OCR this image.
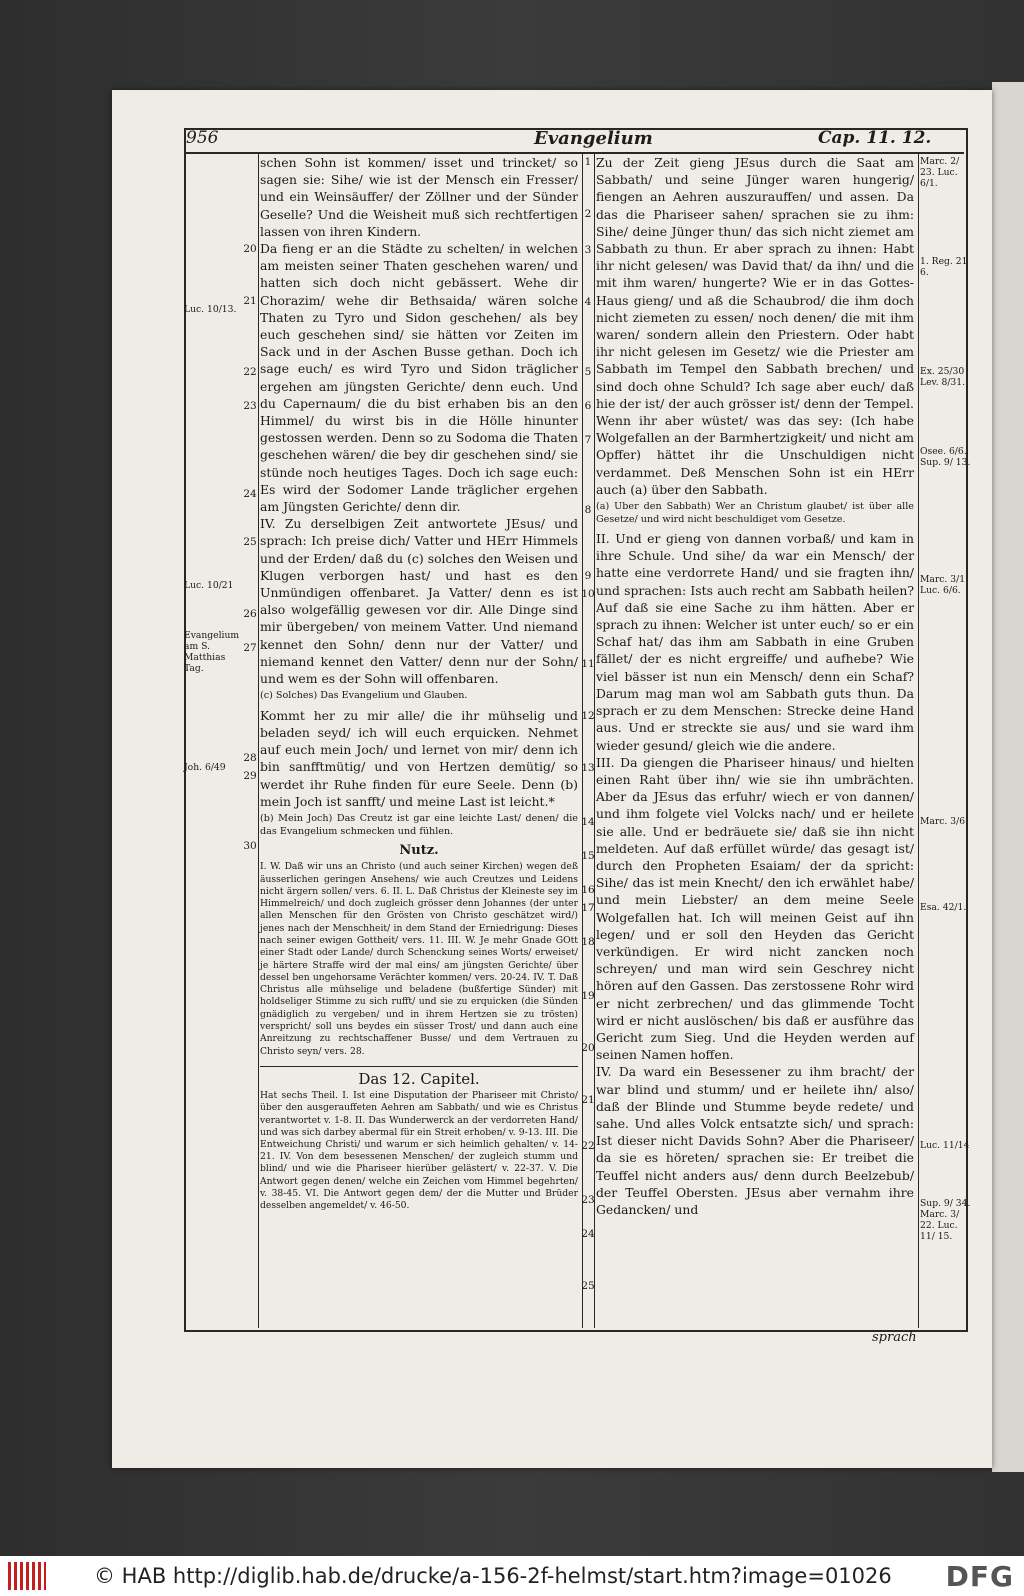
956	Evangelium	Cap. 11. 12.

schen Sohn ist kommen/ isset und trincket/ so sagen sie: Sihe/ wie ist der Mensch ein Fresser/ und ein Weinsäuffer/ der Zöllner und der Sünder Geselle? Und die Weisheit muß sich rechtfertigen lassen von ihren Kindern.

Da fieng er an die Städte zu schelten/ in welchen am meisten seiner Thaten geschehen waren/ und hatten sich doch nicht gebässert. Wehe dir Chorazim/ wehe dir Bethsaida/ wären solche Thaten zu Tyro und Sidon geschehen/ als bey euch geschehen sind/ sie hätten vor Zeiten im Sack und in der Aschen Busse gethan. Doch ich sage euch/ es wird Tyro und Sidon träglicher ergehen am jüngsten Gerichte/ denn euch. Und du Capernaum/ die du bist erhaben bis an den Himmel/ du wirst bis in die Hölle hinunter gestossen werden. Denn so zu Sodoma die Thaten geschehen wären/ die bey dir geschehen sind/ sie stünde noch heutiges Tages. Doch ich sage euch: Es wird der Sodomer Lande träglicher ergehen am Jüngsten Gerichte/ denn dir.

IV. Zu derselbigen Zeit antwortete JEsus/ und sprach: Ich preise dich/ Vatter und HErr Himmels und der Erden/ daß du (c) solches den Weisen und Klugen verborgen hast/ und hast es den Unmündigen offenbaret. Ja Vatter/ denn es ist also wolgefällig gewesen vor dir. Alle Dinge sind mir übergeben/ von meinem Vatter. Und niemand kennet den Sohn/ denn nur der Vatter/ und niemand kennet den Vatter/ denn nur der Sohn/ und wem es der Sohn will offenbaren.

(c) Solches) Das Evangelium und Glauben.

Kommt her zu mir alle/ die ihr mühselig und beladen seyd/ ich will euch erquicken. Nehmet auf euch mein Joch/ und lernet von mir/ denn ich bin sanfftmütig/ und von Hertzen demütig/ so werdet ihr Ruhe finden für eure Seele. Denn (b) mein Joch ist sanfft/ und meine Last ist leicht.*

(b) Mein Joch) Das Creutz ist gar eine leichte Last/ denen/ die das Evangelium schmecken und fühlen.

Nutz.

I. W. Daß wir uns an Christo (und auch seiner Kirchen) wegen deß äusserlichen geringen Ansehens/ wie auch Creutzes und Leidens nicht ärgern sollen/ vers. 6. II. L. Daß Christus der Kleineste sey im Himmelreich/ und doch zugleich grösser denn Johannes (der unter allen Menschen für den Grösten von Christo geschätzet wird/) jenes nach der Menschheit/ in dem Stand der Erniedrigung: Dieses nach seiner ewigen Gottheit/ vers. 11. III. W. Je mehr Gnade GOtt einer Stadt oder Lande/ durch Schenckung seines Worts/ erweiset/ je härtere Straffe wird der mal eins/ am jüngsten Gerichte/ über dessel ben ungehorsame Verächter kommen/ vers. 20-24. IV. T. Daß Christus alle mühselige und beladene (bußfertige Sünder) mit holdseliger Stimme zu sich rufft/ und sie zu erquicken (die Sünden gnädiglich zu vergeben/ und in ihrem Hertzen sie zu trösten) verspricht/ soll uns beydes ein süsser Trost/ und dann auch eine Anreitzung zu rechtschaffener Busse/ und dem Vertrauen zu Christo seyn/ vers. 28.

Das 12. Capitel.
Hat sechs Theil. I. Ist eine Disputation der Phariseer mit Christo/ über den ausgerauffeten Aehren am Sabbath/ und wie es Christus verantwortet v. 1-8. II. Das Wunderwerck an der verdorreten Hand/ und was sich darbey abermal für ein Streit erhoben/ v. 9-13. III. Die Entweichung Christi/ und warum er sich heimlich gehalten/ v. 14-21. IV. Von dem besessenen Menschen/ der zugleich stumm und blind/ und wie die Phariseer hierüber gelästert/ v. 22-37. V. Die Antwort gegen denen/ welche ein Zeichen vom Himmel begehrten/ v. 38-45. VI. Die Antwort gegen dem/ der die Mutter und Brüder desselben angemeldet/ v. 46-50.

Zu der Zeit gieng JEsus durch die Saat am Sabbath/ und seine Jünger waren hungerig/ fiengen an Aehren auszurauffen/ und assen. Da das die Phariseer sahen/ sprachen sie zu ihm: Sihe/ deine Jünger thun/ das sich nicht ziemet am Sabbath zu thun. Er aber sprach zu ihnen: Habt ihr nicht gelesen/ was David that/ da ihn/ und die mit ihm waren/ hungerte? Wie er in das Gottes-Haus gieng/ und aß die Schaubrod/ die ihm doch nicht ziemeten zu essen/ noch denen/ die mit ihm waren/ sondern allein den Priestern. Oder habt ihr nicht gelesen im Gesetz/ wie die Priester am Sabbath im Tempel den Sabbath brechen/ und sind doch ohne Schuld? Ich sage aber euch/ daß hie der ist/ der auch grösser ist/ denn der Tempel. Wenn ihr aber wüstet/ was das sey: (Ich habe Wolgefallen an der Barmhertzigkeit/ und nicht am Opffer) hättet ihr die Unschuldigen nicht verdammet. Deß Menschen Sohn ist ein HErr auch (a) über den Sabbath.

(a) Uber den Sabbath) Wer an Christum glaubet/ ist über alle Gesetze/ und wird nicht beschuldiget vom Gesetze.

II. Und er gieng von dannen vorbaß/ und kam in ihre Schule. Und sihe/ da war ein Mensch/ der hatte eine verdorrete Hand/ und sie fragten ihn/ und sprachen: Ists auch recht am Sabbath heilen? Auf daß sie eine Sache zu ihm hätten. Aber er sprach zu ihnen: Welcher ist unter euch/ so er ein Schaf hat/ das ihm am Sabbath in eine Gruben fället/ der es nicht ergreiffe/ und aufhebe? Wie viel bässer ist nun ein Mensch/ denn ein Schaf? Darum mag man wol am Sabbath guts thun. Da sprach er zu dem Menschen: Strecke deine Hand aus. Und er streckte sie aus/ und sie ward ihm wieder gesund/ gleich wie die andere.

III. Da giengen die Phariseer hinaus/ und hielten einen Raht über ihn/ wie sie ihn umbrächten. Aber da JEsus das erfuhr/ wiech er von dannen/ und ihm folgete viel Volcks nach/ und er heilete sie alle. Und er bedräuete sie/ daß sie ihn nicht meldeten. Auf daß erfüllet würde/ das gesagt ist/ durch den Propheten Esaiam/ der da spricht: Sihe/ das ist mein Knecht/ den ich erwählet habe/ und mein Liebster/ an dem meine Seele Wolgefallen hat. Ich will meinen Geist auf ihn legen/ und er soll den Heyden das Gericht verkündigen. Er wird nicht zancken noch schreyen/ und man wird sein Geschrey nicht hören auf den Gassen. Das zerstossene Rohr wird er nicht zerbrechen/ und das glimmende Tocht wird er nicht auslöschen/ bis daß er ausführe das Gericht zum Sieg. Und die Heyden werden auf seinen Namen hoffen.

IV. Da ward ein Besessener zu ihm bracht/ der war blind und stumm/ und er heilete ihn/ also/ daß der Blinde und Stumme beyde redete/ und sahe. Und alles Volck entsatzte sich/ und sprach: Ist dieser nicht Davids Sohn? Aber die Phariseer/ da sie es höreten/ sprachen sie: Er treibet die Teuffel nicht anders aus/ denn durch Beelzebub/ der Teuffel Obersten. JEsus aber vernahm ihre Gedancken/ und

Luc. 10/13.
Luc. 10/21
Evangelium am S. Matthias Tag.
Joh. 6/49
Marc. 2/ 23. Luc. 6/1.
1. Reg. 21 6.
Ex. 25/30 Lev. 8/31.
Osee. 6/6. Sup. 9/ 13.
Marc. 3/1 Luc. 6/6.
Marc. 3/6
Esa. 42/1.
Luc. 11/14
Sup. 9/ 34. Marc. 3/ 22. Luc. 11/ 15.
20
21
22
23
24
25
26
27
28
29
30
1
2
3
4
5
6
7
8
9
10
11
12
13
14
15
16
17
18
19
20
21
22
23
24
25
sprach
© HAB http://diglib.hab.de/drucke/a-156-2f-helmst/start.htm?image=01026 DFG
